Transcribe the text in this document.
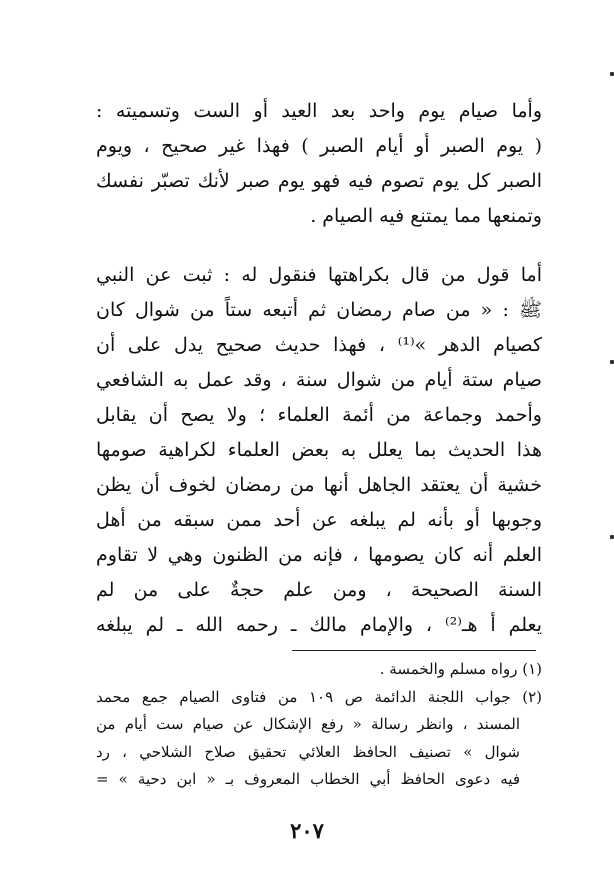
وأما صيام يوم واحد بعد العيد أو الست وتسميته :
( يوم الصبر أو أيام الصبر ) فهذا غير صحيح ، ويوم
الصبر كل يوم تصوم فيه فهو يوم صبر لأنك تصبّر نفسك
وتمنعها مما يمتنع فيه الصيام .
أما قول من قال بكراهتها فنقول له : ثبت عن النبي
ﷺ : « من صام رمضان ثم أتبعه ستاً من شوال كان
كصيام الدهر »⁽¹⁾ ، فهذا حديث صحيح يدل على أن
صيام ستة أيام من شوال سنة ، وقد عمل به الشافعي
وأحمد وجماعة من أئمة العلماء ؛ ولا يصح أن يقابل
هذا الحديث بما يعلل به بعض العلماء لكراهية صومها
خشية أن يعتقد الجاهل أنها من رمضان لخوف أن يظن
وجوبها أو بأنه لم يبلغه عن أحد ممن سبقه من أهل
العلم أنه كان يصومها ، فإنه من الظنون وهي لا تقاوم
السنة الصحيحة ، ومن علم حجةٌ على من لم
يعلم أ هـ⁽²⁾ ، والإمام مالك ـ رحمه الله ـ لم يبلغه
(١) رواه مسلم والخمسة .
(٢) جواب اللجنة الدائمة ص ١٠٩ من فتاوى الصيام جمع محمد
المسند ، وانظر رسالة « رفع الإشكال عن صيام ست أيام من
شوال » تصنيف الحافظ العلائي تحقيق صلاح الشلاحي ، رد
فيه دعوى الحافظ أبي الخطاب المعروف بـ « ابن دحية » =
٢٠٧
